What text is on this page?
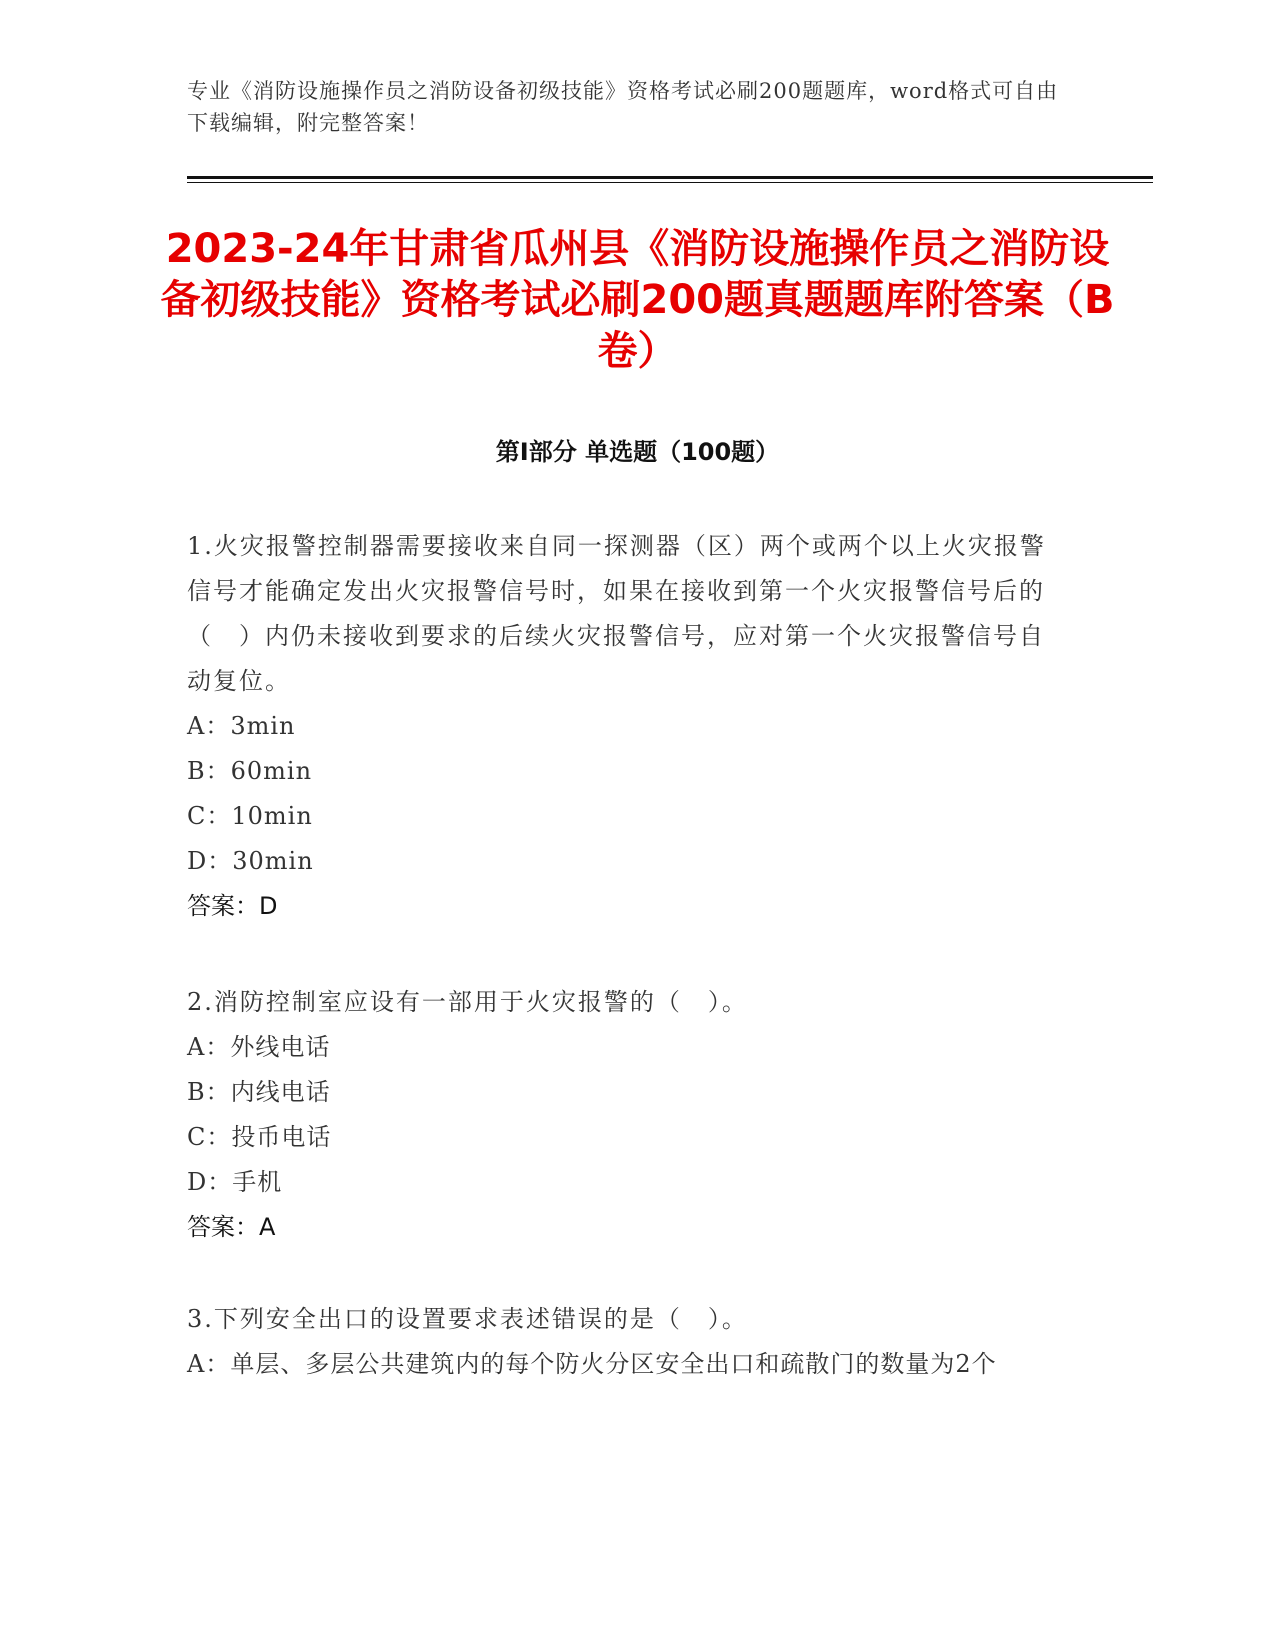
专业《消防设施操作员之消防设备初级技能》资格考试必刷200题题库，word格式可自由下载编辑，附完整答案！

2023-24年甘肃省瓜州县《消防设施操作员之消防设备初级技能》资格考试必刷200题真题题库附答案（B卷）
第Ⅰ部分 单选题（100题）

1.火灾报警控制器需要接收来自同一探测器（区）两个或两个以上火灾报警信号才能确定发出火灾报警信号时，如果在接收到第一个火灾报警信号后的（　）内仍未接收到要求的后续火灾报警信号，应对第一个火灾报警信号自动复位。

A：3min

B：60min

C：10min

D：30min

答案：D

2.消防控制室应设有一部用于火灾报警的（　）。

A：外线电话

B：内线电话

C：投币电话

D：手机

答案：A

3.下列安全出口的设置要求表述错误的是（　）。

A：单层、多层公共建筑内的每个防火分区安全出口和疏散门的数量为2个
